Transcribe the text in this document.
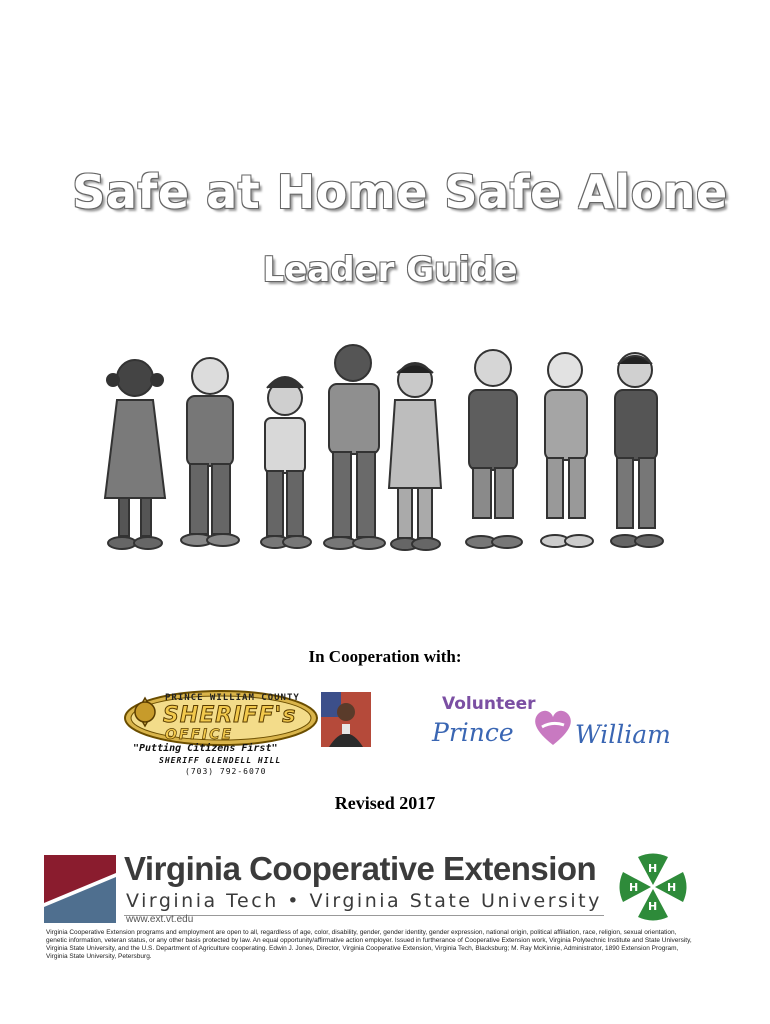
Safe at Home Safe Alone
Leader Guide
In Cooperation with:
PRINCE WILLIAM COUNTY
SHERIFF's
OFFICE
"Putting Citizens First"
SHERIFF GLENDELL HILL
(703) 792-6070
Volunteer
Prince William
Revised 2017
Virginia Cooperative Extension
Virginia Tech • Virginia State University
www.ext.vt.edu
H
H
H
H
Virginia Cooperative Extension programs and employment are open to all, regardless of age, color, disability, gender, gender identity, gender expression, national origin, political affiliation, race, religion, sexual orientation, genetic information, veteran status, or any other basis protected by law. An equal opportunity/affirmative action employer. Issued in furtherance of Cooperative Extension work, Virginia Polytechnic Institute and State University, Virginia State University, and the U.S. Department of Agriculture cooperating. Edwin J. Jones, Director, Virginia Cooperative Extension, Virginia Tech, Blacksburg; M. Ray McKinnie, Administrator, 1890 Extension Program, Virginia State University, Petersburg.
